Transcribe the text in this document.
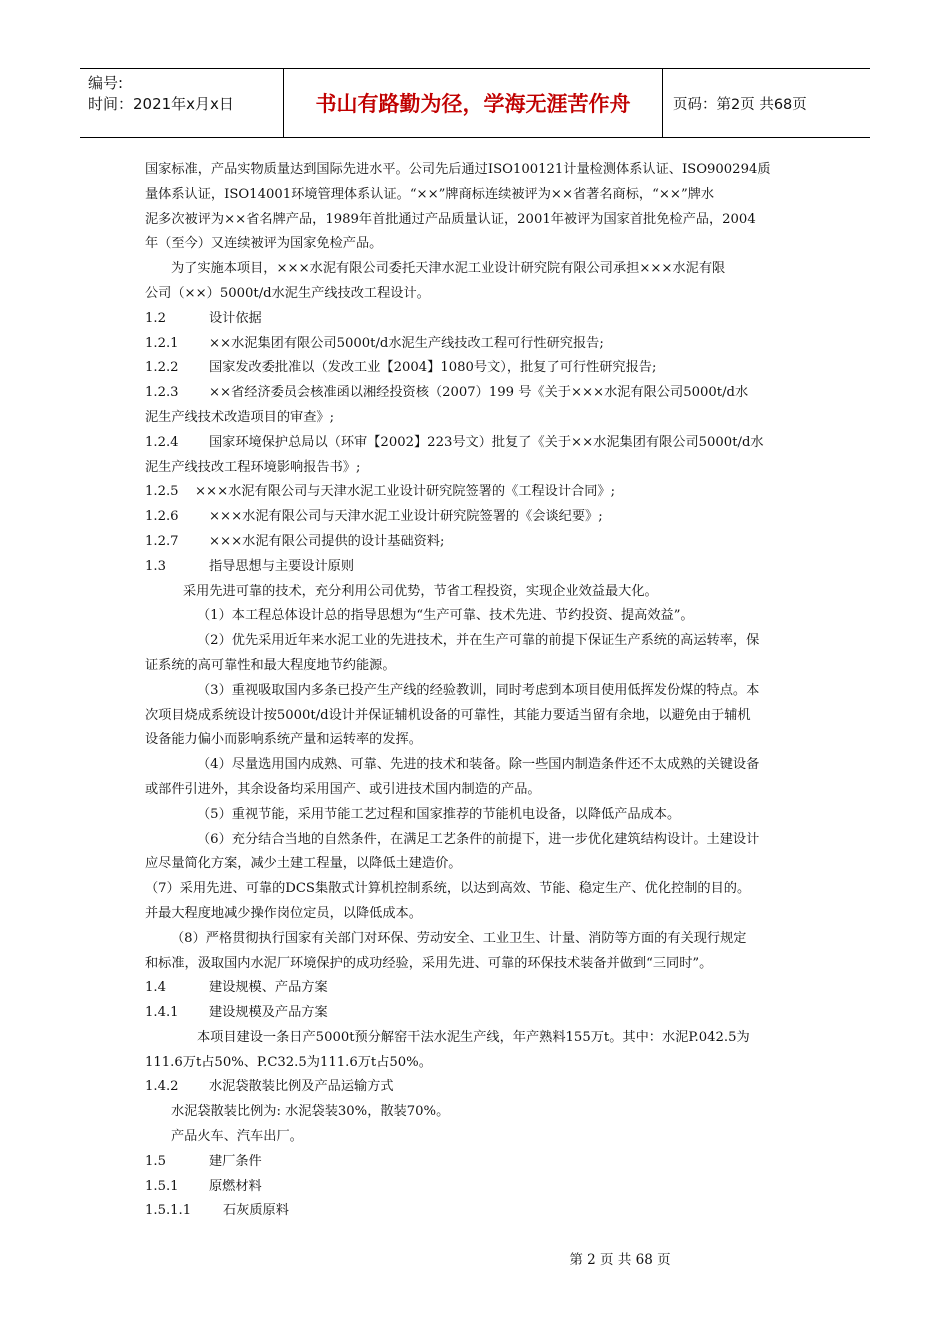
编号:
时间：2021年x月x日	书山有路勤为径，学海无涯苦作舟	页码：第2页 共68页
国家标准，产品实物质量达到国际先进水平。公司先后通过ISO100121计量检测体系认证、ISO900294质
量体系认证，ISO14001环境管理体系认证。“××”牌商标连续被评为××省著名商标，“××”牌水
泥多次被评为××省名牌产品，1989年首批通过产品质量认证，2001年被评为国家首批免检产品，2004
年（至今）又连续被评为国家免检产品。
为了实施本项目，×××水泥有限公司委托天津水泥工业设计研究院有限公司承担×××水泥有限
公司（××）5000t/d水泥生产线技改工程设计。
1.2	设计依据
1.2.1 ××水泥集团有限公司5000t/d水泥生产线技改工程可行性研究报告;
1.2.2 国家发改委批准以（发改工业【2004】1080号文），批复了可行性研究报告;
1.2.3 ××省经济委员会核准函以湘经投资核（2007）199 号《关于×××水泥有限公司5000t/d水
泥生产线技术改造项目的审查》;
1.2.4 国家环境保护总局以（环审【2002】223号文）批复了《关于××水泥集团有限公司5000t/d水
泥生产线技改工程环境影响报告书》;
1.2.5 ×××水泥有限公司与天津水泥工业设计研究院签署的《工程设计合同》;
1.2.6 ×××水泥有限公司与天津水泥工业设计研究院签署的《会谈纪要》;
1.2.7 ×××水泥有限公司提供的设计基础资料;
1.3	指导思想与主要设计原则
采用先进可靠的技术，充分利用公司优势，节省工程投资，实现企业效益最大化。
（1）本工程总体设计总的指导思想为“生产可靠、技术先进、节约投资、提高效益”。
（2）优先采用近年来水泥工业的先进技术，并在生产可靠的前提下保证生产系统的高运转率，保
证系统的高可靠性和最大程度地节约能源。
（3）重视吸取国内多条已投产生产线的经验教训，同时考虑到本项目使用低挥发份煤的特点。本
次项目烧成系统设计按5000t/d设计并保证辅机设备的可靠性，其能力要适当留有余地，以避免由于辅机
设备能力偏小而影响系统产量和运转率的发挥。
（4）尽量选用国内成熟、可靠、先进的技术和装备。除一些国内制造条件还不太成熟的关键设备
或部件引进外，其余设备均采用国产、或引进技术国内制造的产品。
（5）重视节能，采用节能工艺过程和国家推荐的节能机电设备，以降低产品成本。
（6）充分结合当地的自然条件，在满足工艺条件的前提下，进一步优化建筑结构设计。土建设计
应尽量简化方案，减少土建工程量，以降低土建造价。
（7）采用先进、可靠的DCS集散式计算机控制系统，以达到高效、节能、稳定生产、优化控制的目的。
并最大程度地减少操作岗位定员，以降低成本。
（8）严格贯彻执行国家有关部门对环保、劳动安全、工业卫生、计量、消防等方面的有关现行规定
和标准，汲取国内水泥厂环境保护的成功经验，采用先进、可靠的环保技术装备并做到“三同时”。
1.4	建设规模、产品方案
1.4.1 建设规模及产品方案
本项目建设一条日产5000t预分解窑干法水泥生产线，年产熟料155万t。其中：水泥P.042.5为
111.6万t占50%、P.C32.5为111.6万t占50%。
1.4.2 水泥袋散装比例及产品运输方式
水泥袋散装比例为: 水泥袋装30%，散装70%。
产品火车、汽车出厂。
1.5	建厂条件
1.5.1 原燃材料
1.5.1.1 石灰质原料
第 2 页 共 68 页
